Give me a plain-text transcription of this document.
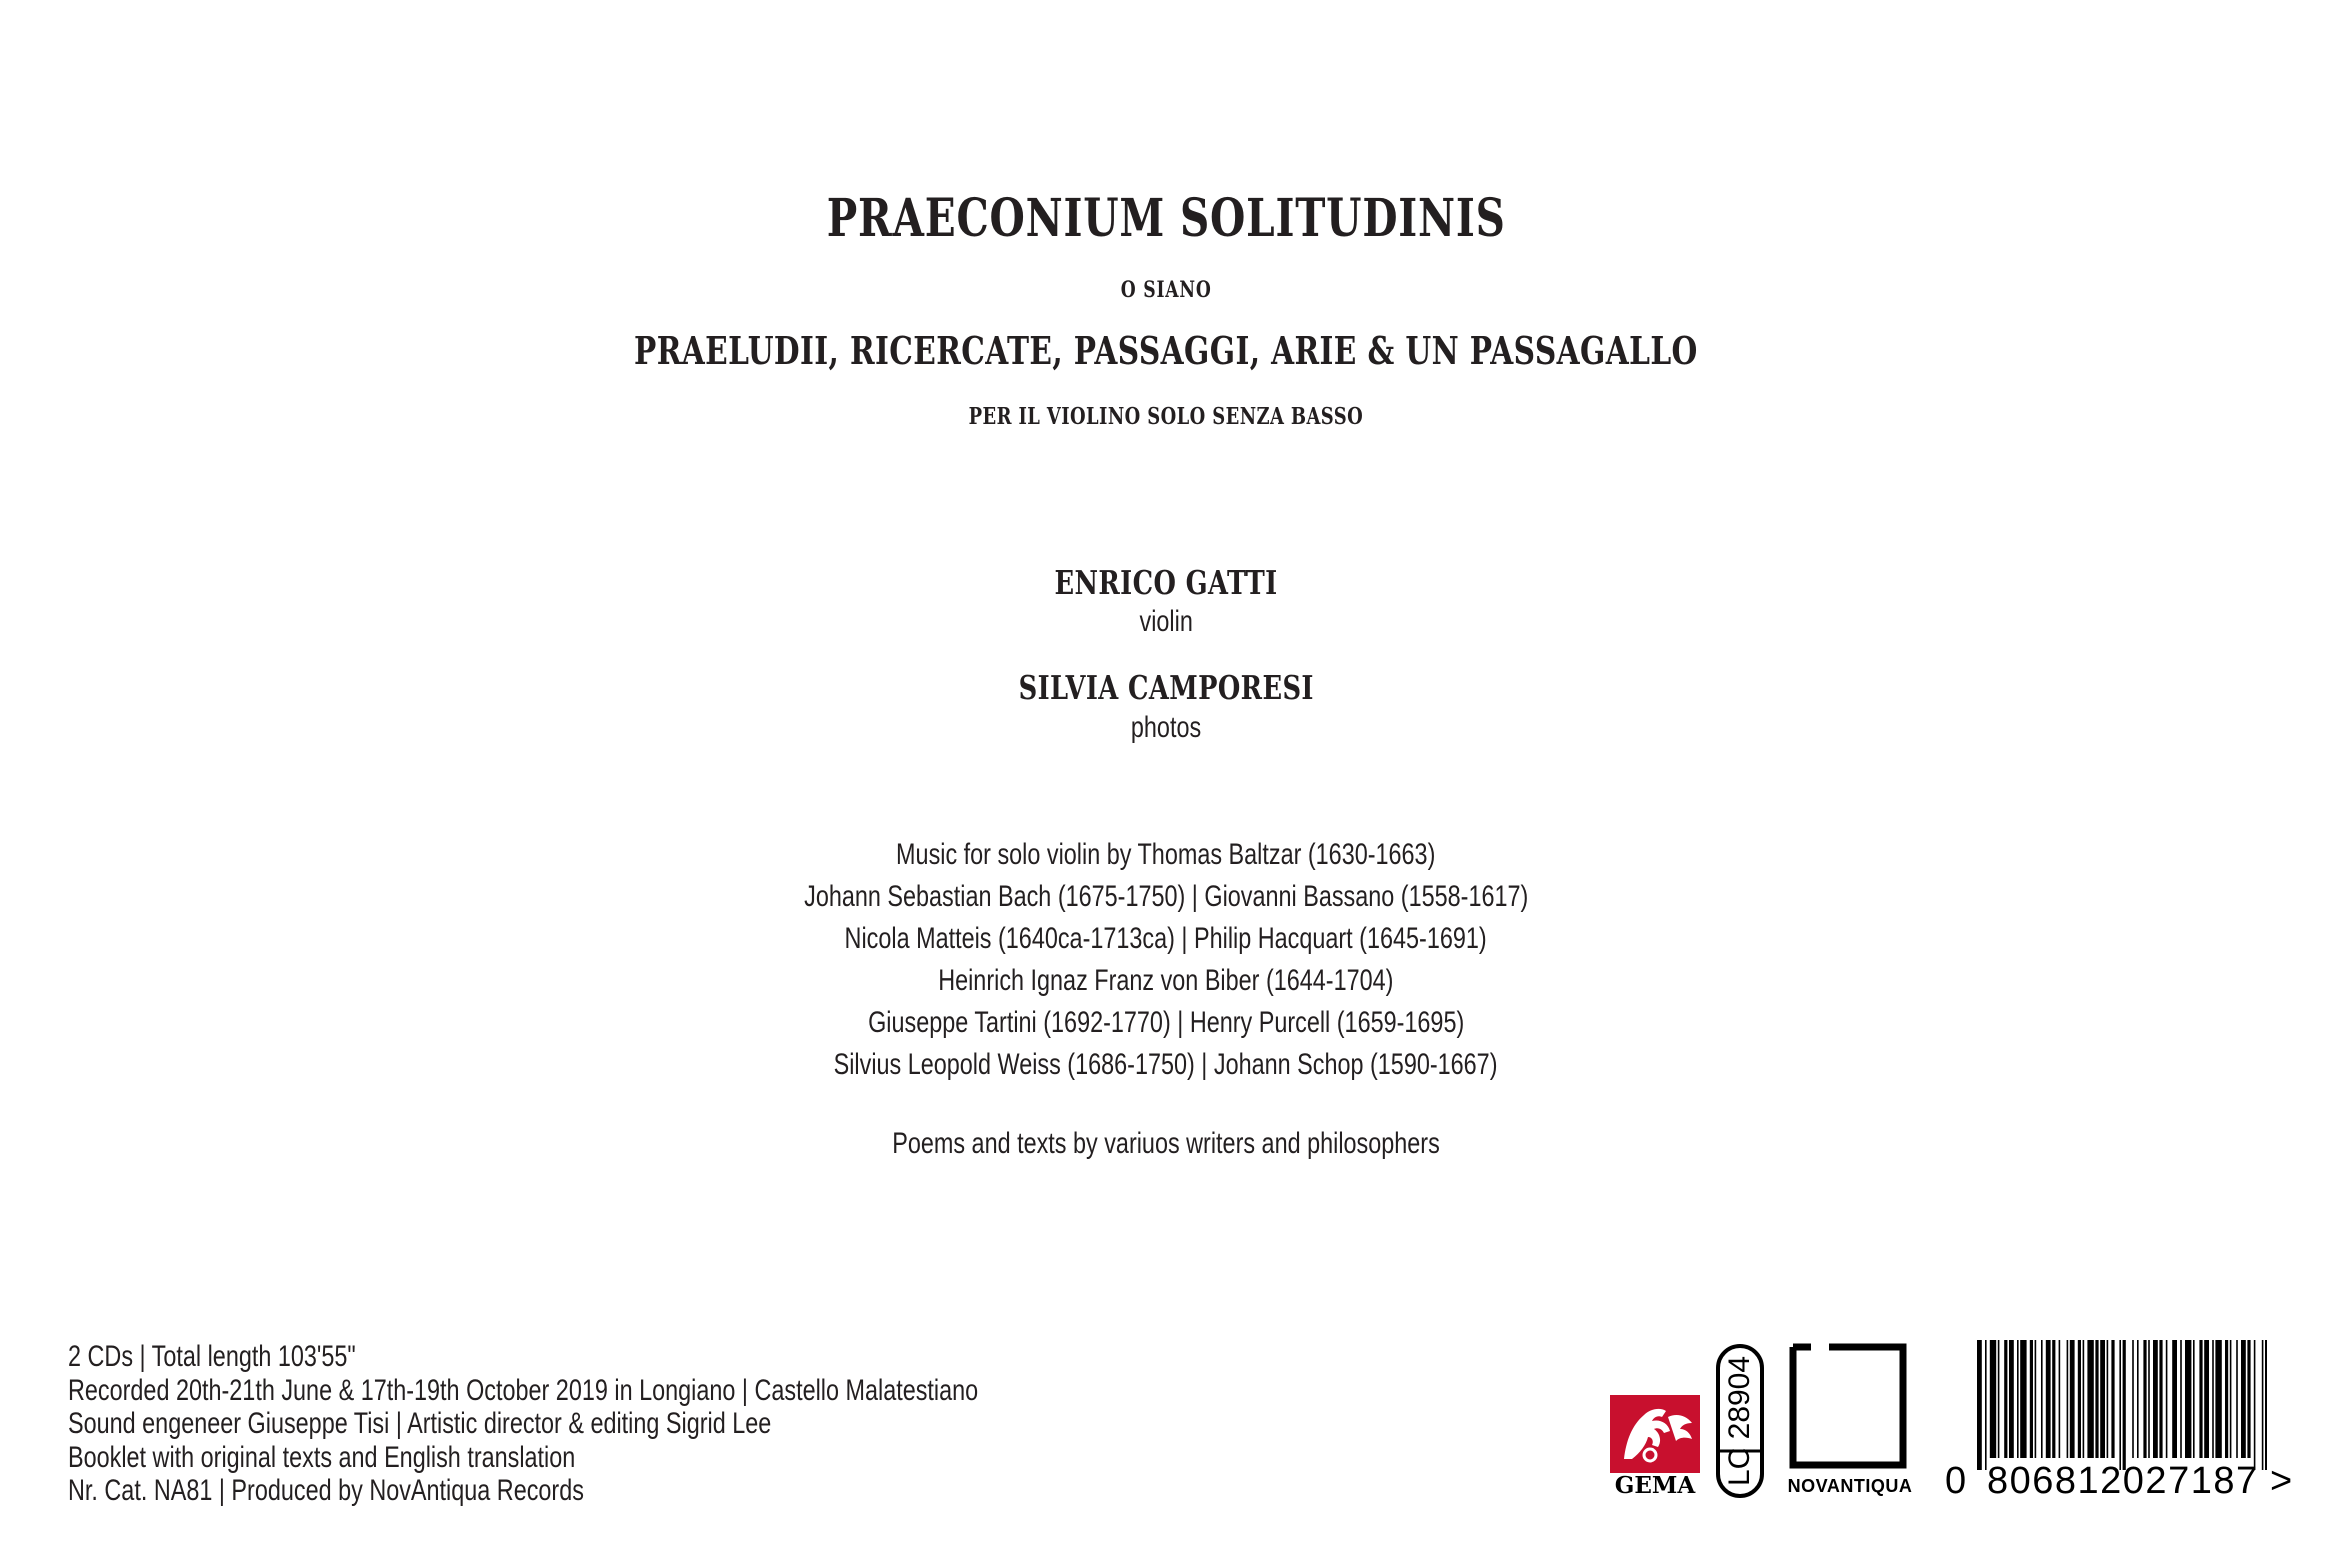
PRAECONIUM SOLITUDINIS
O SIANO
PRAELUDII, RICERCATE, PASSAGGI, ARIE & UN PASSAGALLO
PER IL VIOLINO SOLO SENZA BASSO
ENRICO GATTI
violin
SILVIA CAMPORESI
photos
Music for solo violin by Thomas Baltzar (1630-1663)
Johann Sebastian Bach (1675-1750) | Giovanni Bassano (1558-1617)
Nicola Matteis (1640ca-1713ca) | Philip Hacquart (1645-1691)
Heinrich Ignaz Franz von Biber (1644-1704)
Giuseppe Tartini (1692-1770) | Henry Purcell (1659-1695)
Silvius Leopold Weiss (1686-1750) | Johann Schop (1590-1667)
Poems and texts by variuos writers and philosophers
2 CDs | Total length 103'55"
Recorded 20th-21th June & 17th-19th October 2019 in Longiano | Castello Malatestiano
Sound engeneer Giuseppe Tisi | Artistic director & editing Sigrid Lee
Booklet with original texts and English translation
Nr. Cat. NA81 | Produced by NovAntiqua Records	GEMA LC 28904 NOVANTIQUA 0 806812027187 >
